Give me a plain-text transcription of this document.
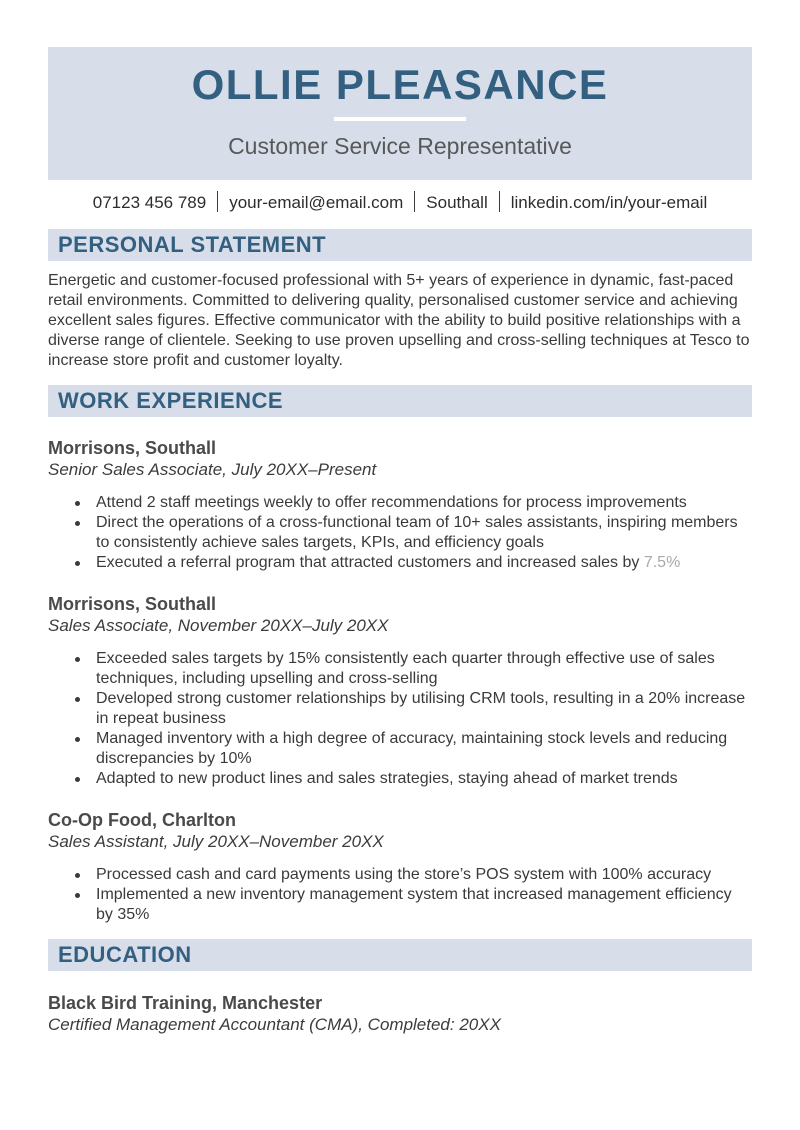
OLLIE PLEASANCE
Customer Service Representative
07123 456 789 your-email@email.com Southall linkedin.com/in/your-email
PERSONAL STATEMENT

Energetic and customer-focused professional with 5+ years of experience in dynamic, fast-paced retail environments. Committed to delivering quality, personalised customer service and achieving excellent sales figures. Effective communicator with the ability to build positive relationships with a diverse range of clientele. Seeking to use proven upselling and cross-selling techniques at Tesco to increase store profit and customer loyalty.

WORK EXPERIENCE
Morrisons, Southall
Senior Sales Associate, July 20XX–Present
Attend 2 staff meetings weekly to offer recommendations for process improvements
Direct the operations of a cross-functional team of 10+ sales assistants, inspiring members to consistently achieve sales targets, KPIs, and efficiency goals
Executed a referral program that attracted customers and increased sales by 7.5%
Morrisons, Southall
Sales Associate, November 20XX–July 20XX
Exceeded sales targets by 15% consistently each quarter through effective use of sales techniques, including upselling and cross-selling
Developed strong customer relationships by utilising CRM tools, resulting in a 20% increase in repeat business
Managed inventory with a high degree of accuracy, maintaining stock levels and reducing discrepancies by 10%
Adapted to new product lines and sales strategies, staying ahead of market trends
Co-Op Food, Charlton
Sales Assistant, July 20XX–November 20XX
Processed cash and card payments using the store’s POS system with 100% accuracy
Implemented a new inventory management system that increased management efficiency by 35%
EDUCATION
Black Bird Training, Manchester
Certified Management Accountant (CMA), Completed: 20XX
